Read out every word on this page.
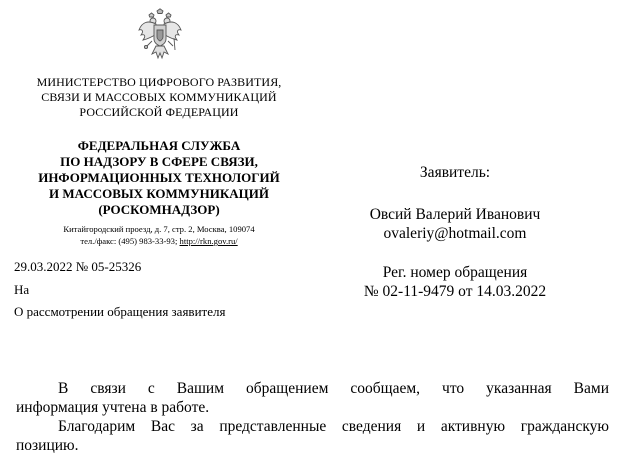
МИНИСТЕРСТВО ЦИФРОВОГО РАЗВИТИЯ,
СВЯЗИ И МАССОВЫХ КОММУНИКАЦИЙ
РОССИЙСКОЙ ФЕДЕРАЦИИ
ФЕДЕРАЛЬНАЯ СЛУЖБА
ПО НАДЗОРУ В СФЕРЕ СВЯЗИ,
ИНФОРМАЦИОННЫХ ТЕХНОЛОГИЙ
И МАССОВЫХ КОММУНИКАЦИЙ
(РОСКОМНАДЗОР)
Китайгородский проезд, д. 7, стр. 2, Москва, 109074
тел./факс: (495) 983-33-93; http://rkn.gov.ru/
29.03.2022 № 05-25326
На
О рассмотрении обращения заявителя
Заявитель:
Овсий Валерий Иванович
ovaleriy@hotmail.com
Рег. номер обращения
№ 02-11-9479 от 14.03.2022
В связи с Вашим обращением сообщаем, что указанная Вами
информация учтена в работе.
Благодарим Вас за представленные сведения и активную гражданскую
позицию.
